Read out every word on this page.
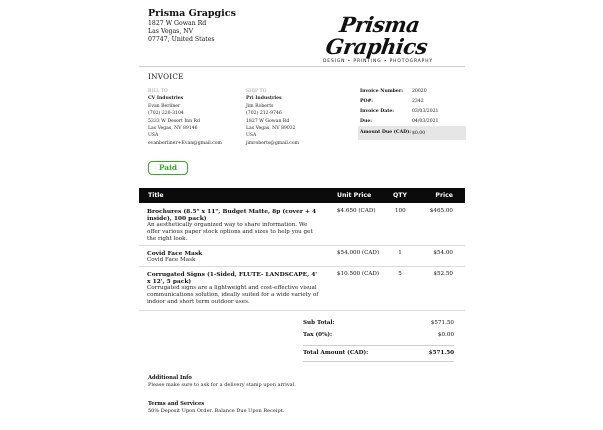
Prisma Grapgics
1827 W Gowan Rd
Las Vegas, NV
07747, United States
Prisma Graphics
DESIGN • PRINTING • PHOTOGRAPHY
INVOICE
BILL TO
CV Industries
Evan Berliner
(702) 220-3104
5333 W Desert Inn Rd
Las Vegas, NV 89146
USA
evanberliner+Evan@gmail.com
SHIP TO
Pri Industries
Jim Roberts
(702) 212-9746
1827 W Gowan Rd
Las Vegas, NV 89032
USA
jimroberts@gmail.com
Invoice Number:	20020
PO#:	2342
Invoice Date:	03/03/2021
Due:	04/03/2021
Amount Due (CAD): $0.00
Paid
Title	Unit Price	QTY	Price
Brochures (8.5" x 11", Budget Matte, 8p (cover + 4 inside), 100 pack)
An aesthetically organized way to share information. We offer various paper stock options and sizes to help you get the right look.
$4.650 (CAD)	100	$465.00
Covid Face Mask
Covid Face Mask
$54.000 (CAD)	1	$54.00
Corrugated Signs (1-Sided, FLUTE- LANDSCAPE, 4' x 12', 5 pack)
Corrugated signs are a lightweight and cost-effective visual communications solution, ideally suited for a wide variety of indoor and short term outdoor uses.
$10.500 (CAD)	5	$52.50
Sub Total:	$571.50
Tax (0%):	$0.00
Total Amount (CAD):	$571.50
Additional Info
Please make sure to ask for a delivery stamp upon arrival.
Terms and Services
50% Deposit Upon Order. Balance Due Upon Receipt.
